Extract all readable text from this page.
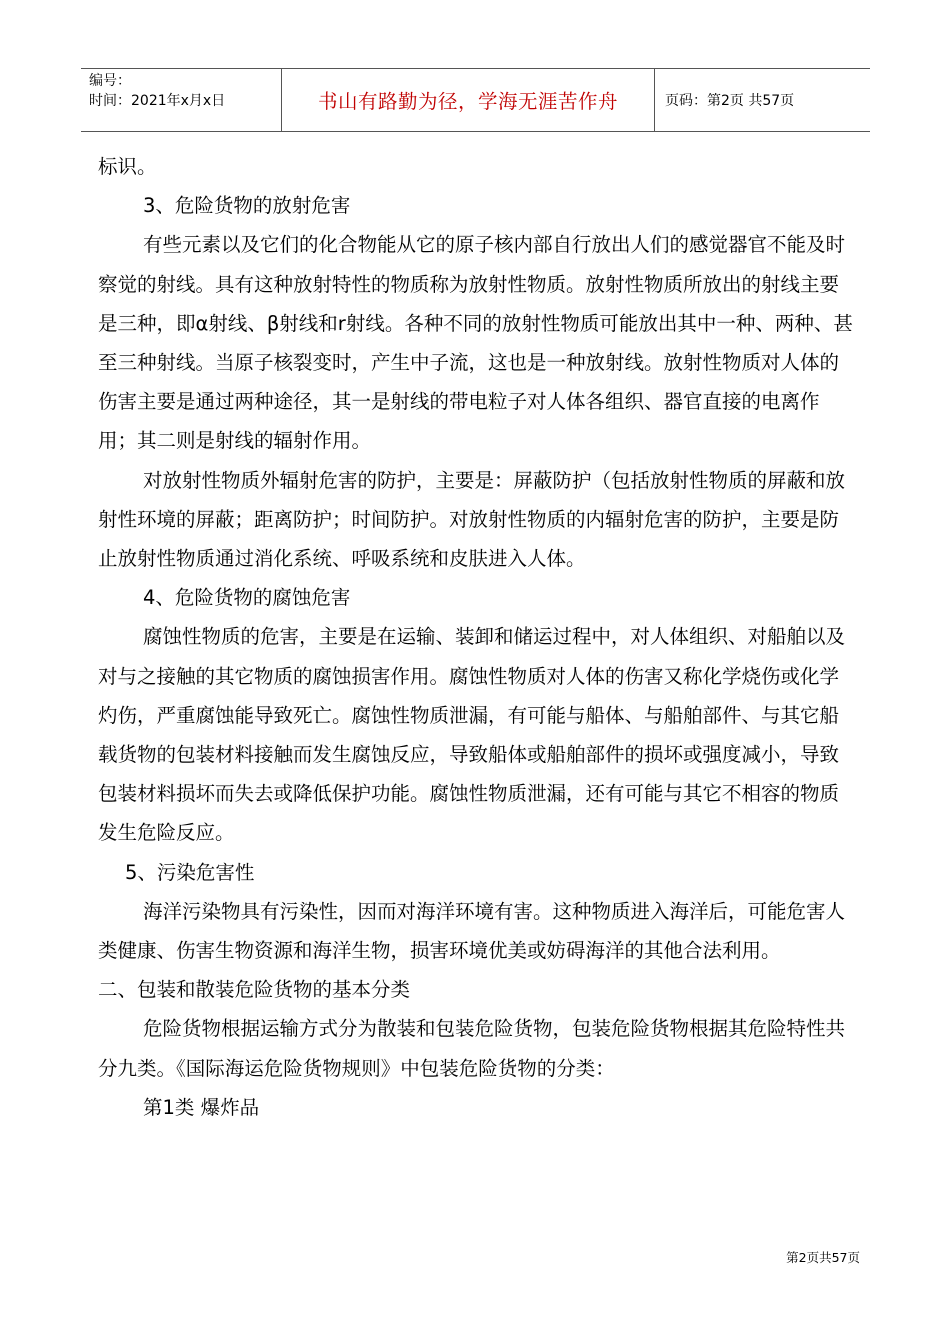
编号：
时间：2021年x月x日	书山有路勤为径，学海无涯苦作舟	页码：第2页 共57页

标识。

3、危险货物的放射危害

有些元素以及它们的化合物能从它的原子核内部自行放出人们的感觉器官不能及时察觉的射线。具有这种放射特性的物质称为放射性物质。放射性物质所放出的射线主要是三种，即α射线、β射线和r射线。各种不同的放射性物质可能放出其中一种、两种、甚至三种射线。当原子核裂变时，产生中子流，这也是一种放射线。放射性物质对人体的伤害主要是通过两种途径，其一是射线的带电粒子对人体各组织、器官直接的电离作用；其二则是射线的辐射作用。

对放射性物质外辐射危害的防护，主要是：屏蔽防护（包括放射性物质的屏蔽和放射性环境的屏蔽；距离防护；时间防护。对放射性物质的内辐射危害的防护，主要是防止放射性物质通过消化系统、呼吸系统和皮肤进入人体。

4、危险货物的腐蚀危害

腐蚀性物质的危害，主要是在运输、装卸和储运过程中，对人体组织、对船舶以及对与之接触的其它物质的腐蚀损害作用。腐蚀性物质对人体的伤害又称化学烧伤或化学灼伤，严重腐蚀能导致死亡。腐蚀性物质泄漏，有可能与船体、与船舶部件、与其它船载货物的包装材料接触而发生腐蚀反应，导致船体或船舶部件的损坏或强度减小，导致包装材料损坏而失去或降低保护功能。腐蚀性物质泄漏，还有可能与其它不相容的物质发生危险反应。

5、污染危害性

海洋污染物具有污染性，因而对海洋环境有害。这种物质进入海洋后，可能危害人类健康、伤害生物资源和海洋生物，损害环境优美或妨碍海洋的其他合法利用。

二、包装和散装危险货物的基本分类

危险货物根据运输方式分为散装和包装危险货物，包装危险货物根据其危险特性共分九类。《国际海运危险货物规则》中包装危险货物的分类：

第1类 爆炸品

第2页共57页
